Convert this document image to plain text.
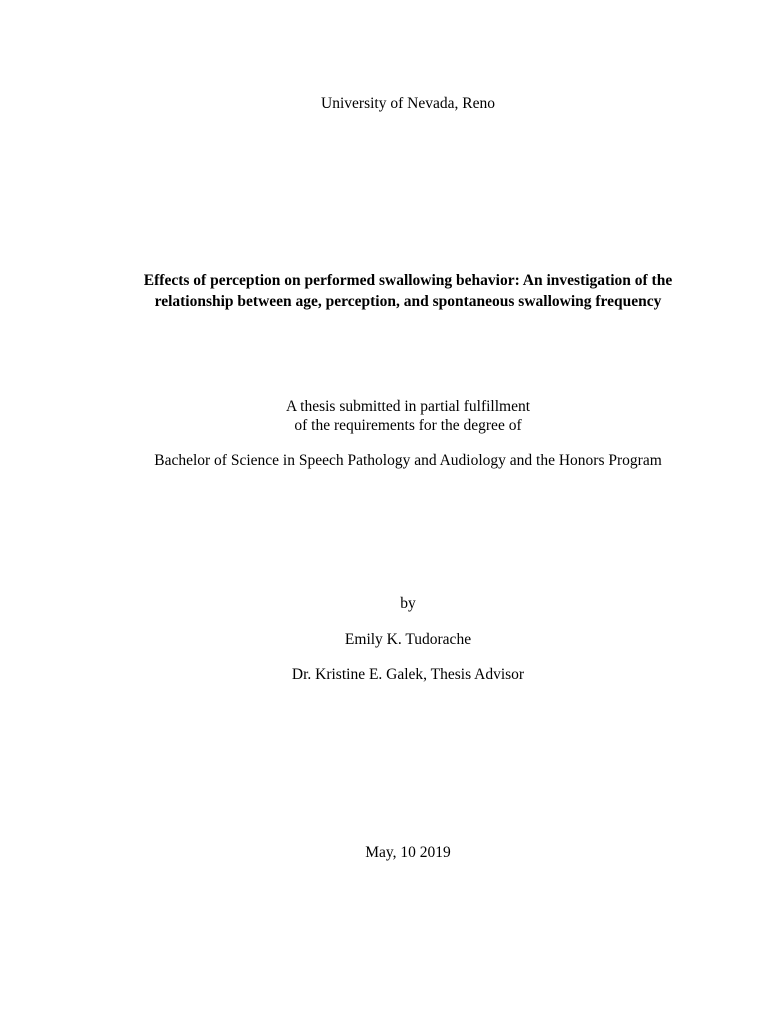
University of Nevada, Reno
Effects of perception on performed swallowing behavior: An investigation of the
relationship between age, perception, and spontaneous swallowing frequency
A thesis submitted in partial fulfillment
of the requirements for the degree of
Bachelor of Science in Speech Pathology and Audiology and the Honors Program
by
Emily K. Tudorache
Dr. Kristine E. Galek, Thesis Advisor
May, 10 2019
